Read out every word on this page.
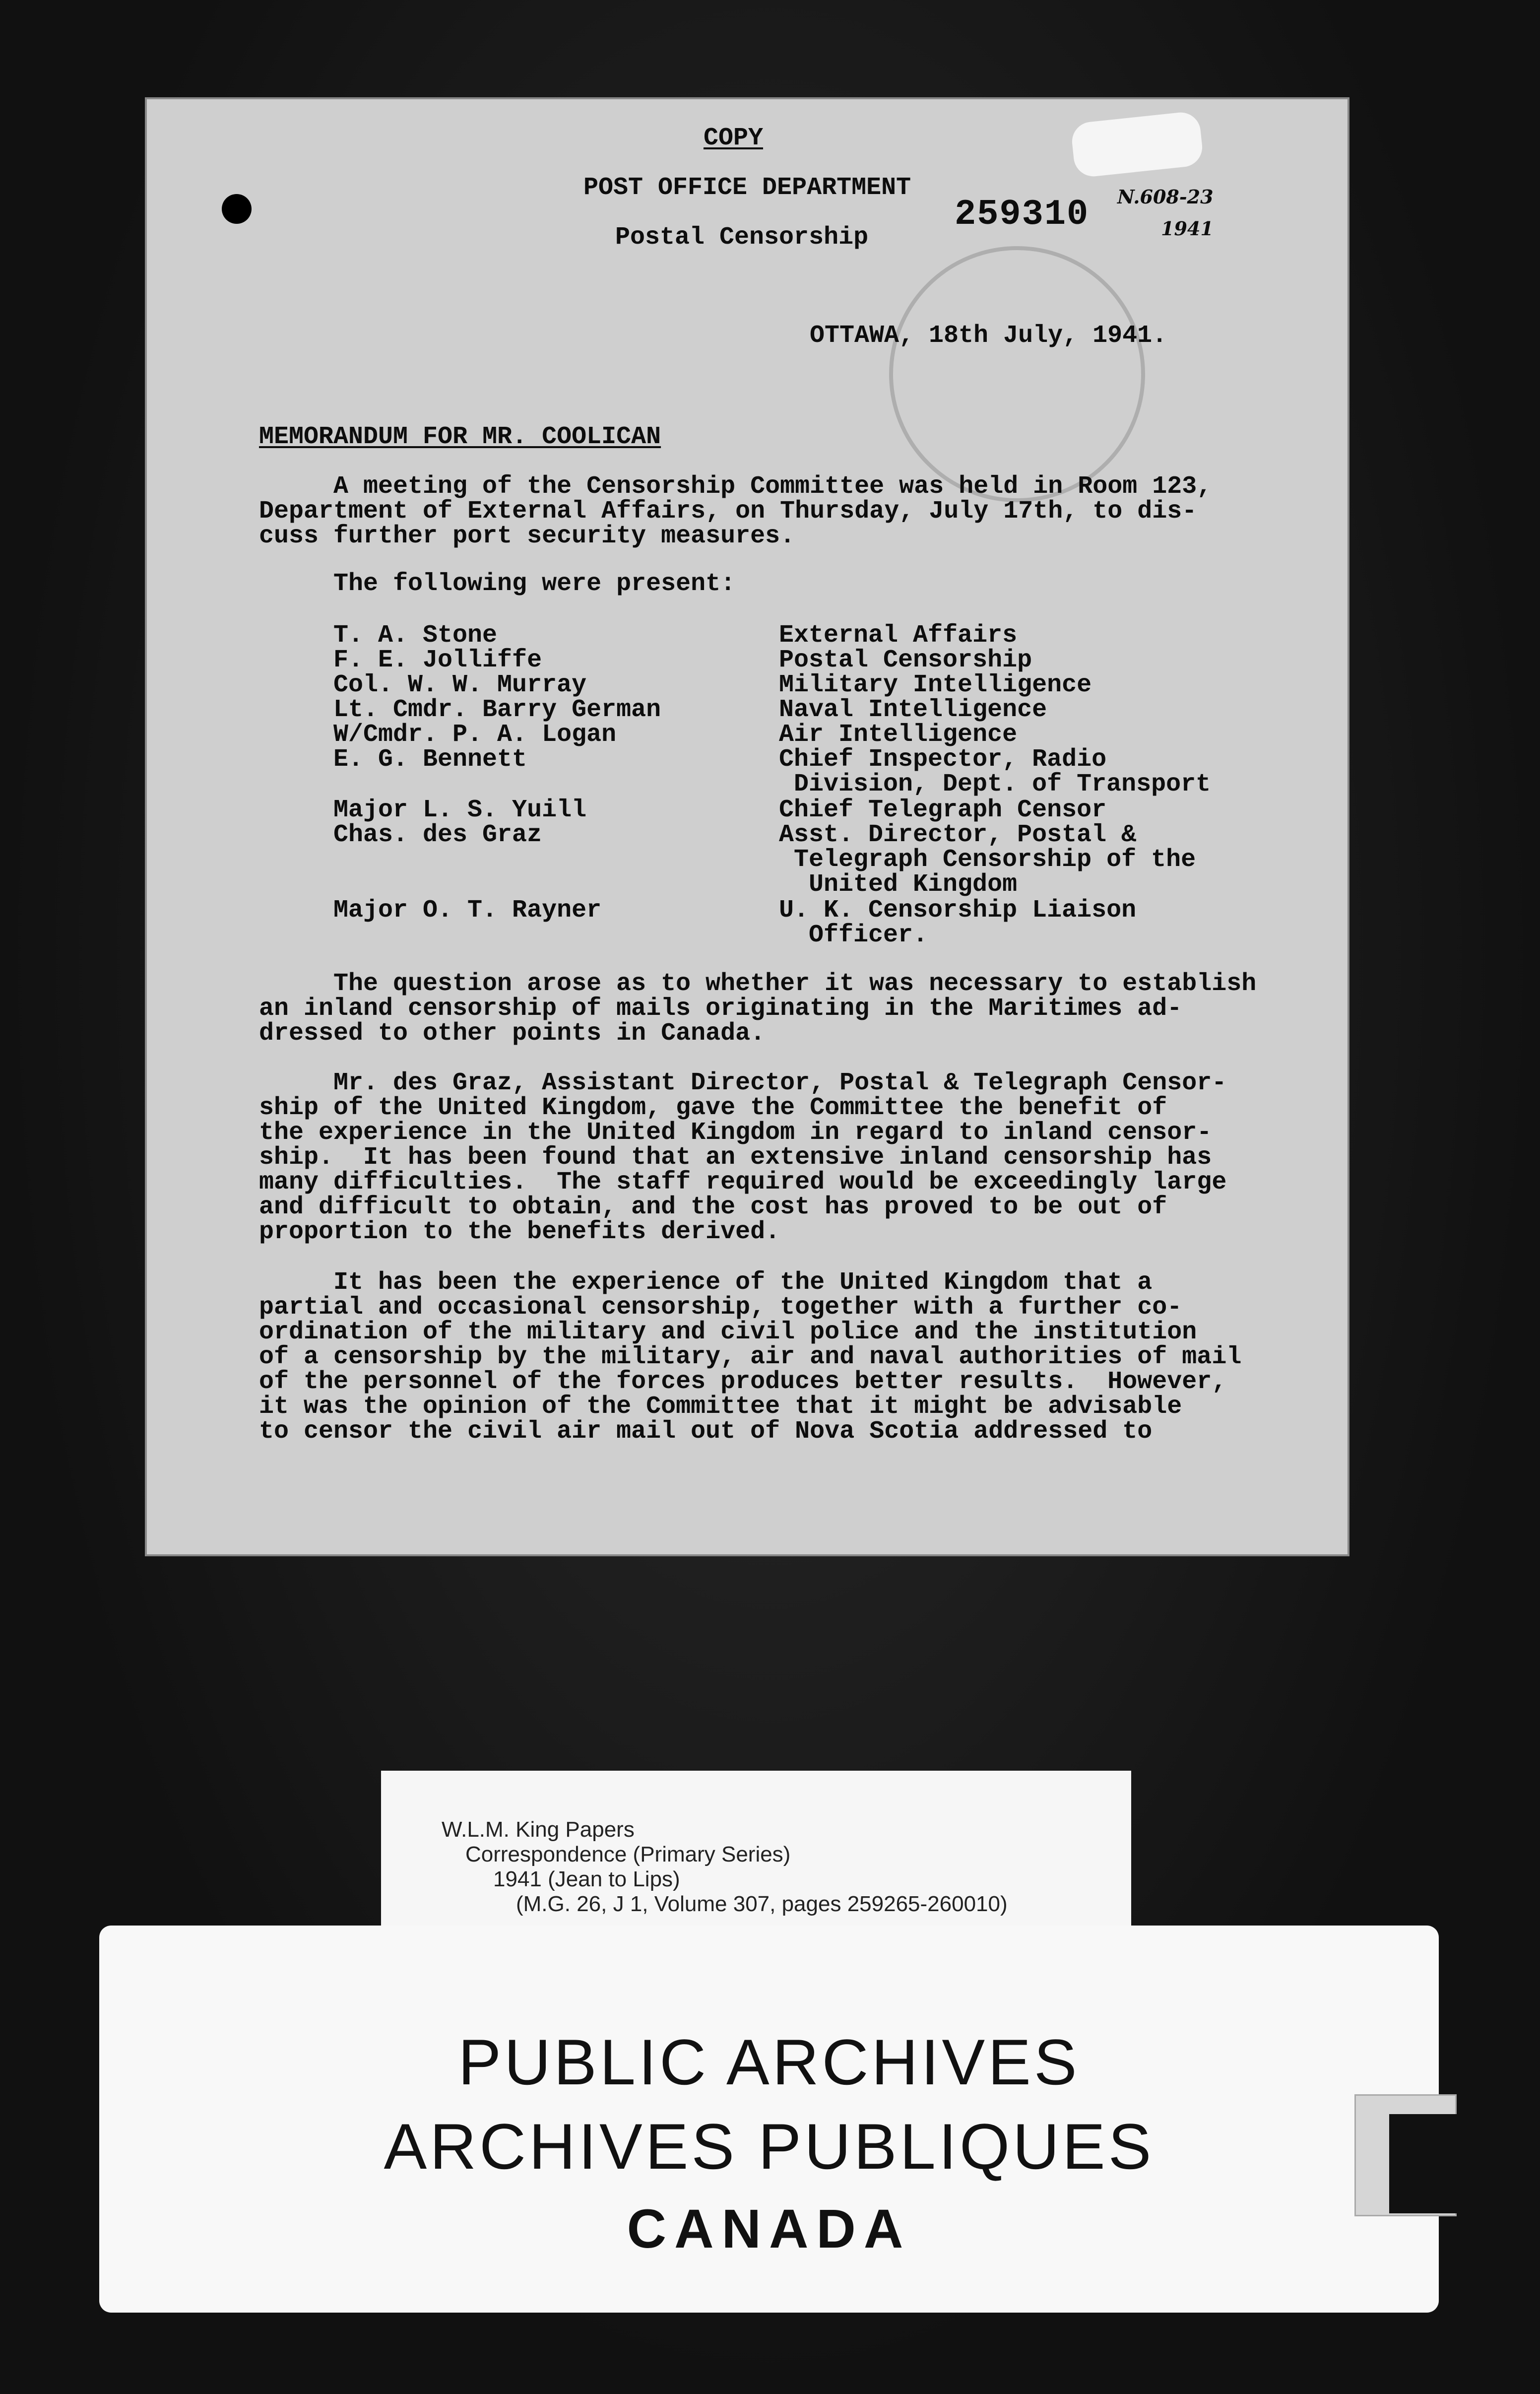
COPY
POST OFFICE DEPARTMENT
Postal Censorship
259310 N.608-23
1941
OTTAWA, 18th July, 1941.
MEMORANDUM FOR MR. COOLICAN
A meeting of the Censorship Committee was held in Room 123,
Department of External Affairs, on Thursday, July 17th, to dis-
cuss further port security measures.
The following were present:
T. A. Stone	External Affairs
F. E. Jolliffe	Postal Censorship
Col. W. W. Murray	Military Intelligence
Lt. Cmdr. Barry German	Naval Intelligence
W/Cmdr. P. A. Logan	Air Intelligence
E. G. Bennett	Chief Inspector, Radio
Division, Dept. of Transport
Major L. S. Yuill	Chief Telegraph Censor
Chas. des Graz	Asst. Director, Postal &
Telegraph Censorship of the
United Kingdom
Major O. T. Rayner	U. K. Censorship Liaison
Officer.
The question arose as to whether it was necessary to establish
an inland censorship of mails originating in the Maritimes ad-
dressed to other points in Canada.
Mr. des Graz, Assistant Director, Postal & Telegraph Censor-
ship of the United Kingdom, gave the Committee the benefit of
the experience in the United Kingdom in regard to inland censor-
ship.  It has been found that an extensive inland censorship has
many difficulties.  The staff required would be exceedingly large
and difficult to obtain, and the cost has proved to be out of
proportion to the benefits derived.
It has been the experience of the United Kingdom that a
partial and occasional censorship, together with a further co-
ordination of the military and civil police and the institution
of a censorship by the military, air and naval authorities of mail
of the personnel of the forces produces better results.  However,
it was the opinion of the Committee that it might be advisable
to censor the civil air mail out of Nova Scotia addressed to
W.L.M. King Papers
Correspondence (Primary Series)
1941 (Jean to Lips)
(M.G. 26, J 1, Volume 307, pages 259265-260010)
PUBLIC ARCHIVES
ARCHIVES PUBLIQUES
CANADA
